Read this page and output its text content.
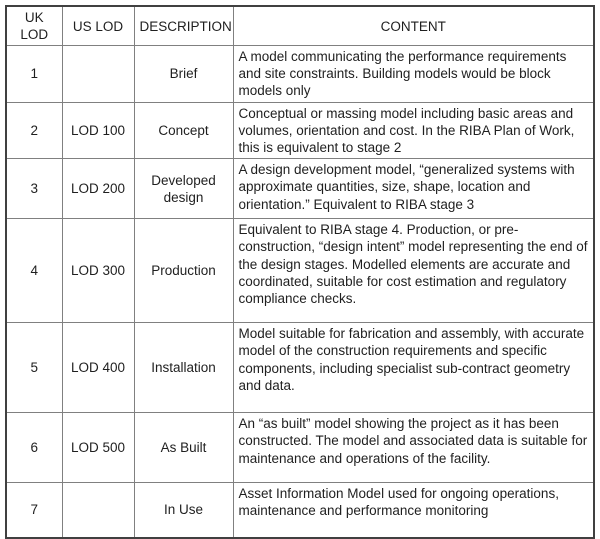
UK LOD	US LOD	DESCRIPTION	CONTENT
1		Brief	A model communicating the performance requirements and site constraints. Building models would be block models only
2	LOD 100	Concept	Conceptual or massing model including basic areas and volumes, orientation and cost. In the RIBA Plan of Work, this is equivalent to stage 2
3	LOD 200	Developed design	A design development model, “generalized systems with approximate quantities, size, shape, location and orientation.” Equivalent to RIBA stage 3
4	LOD 300	Production	Equivalent to RIBA stage 4. Production, or pre-construction, “design intent” model representing the end of the design stages. Modelled elements are accurate and coordinated, suitable for cost estimation and regulatory compliance checks.
5	LOD 400	Installation	Model suitable for fabrication and assembly, with accurate model of the construction requirements and specific components, including specialist sub-contract geometry and data.
6	LOD 500	As Built	An “as built” model showing the project as it has been constructed. The model and associated data is suitable for maintenance and operations of the facility.
7		In Use	Asset Information Model used for ongoing operations, maintenance and performance monitoring
